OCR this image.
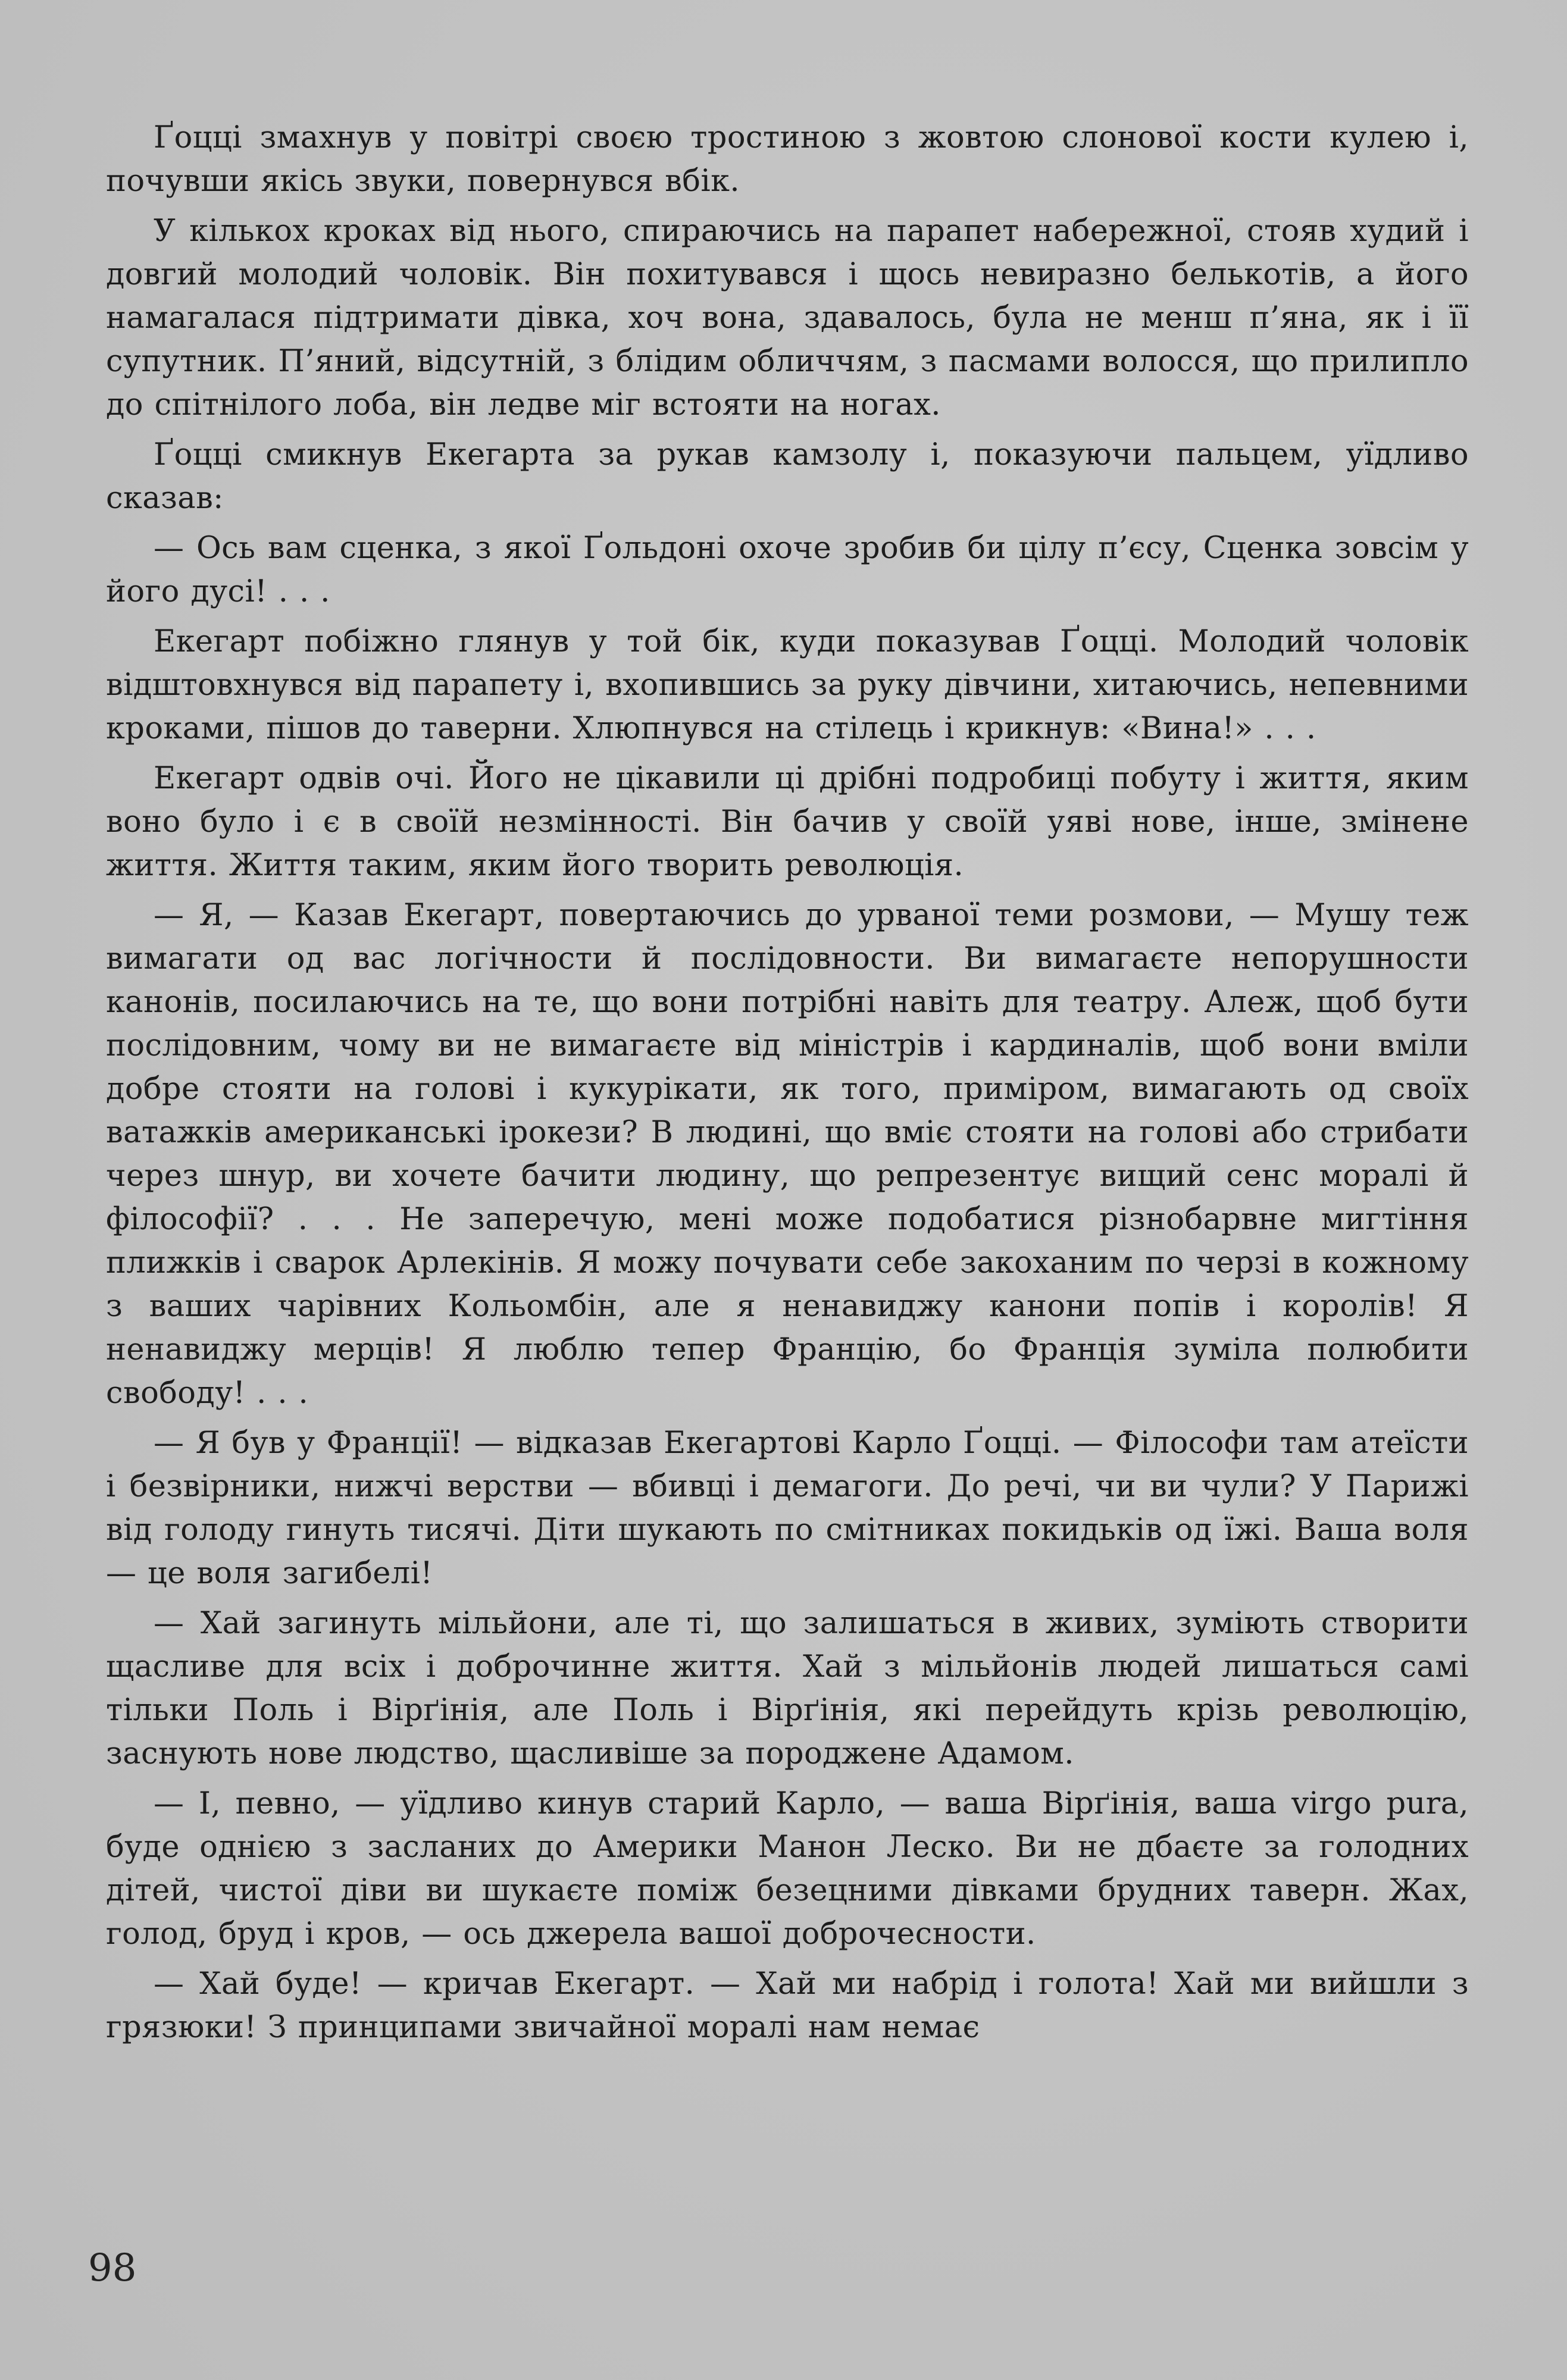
Ґоцці змахнув у повітрі своєю тростиною з жовтою слонової кости кулею і, почувши якісь звуки, повернувся вбік.

У кількох кроках від нього, спираючись на парапет набережної, стояв худий і довгий молодий чоловік. Він похитувався і щось невиразно белькотів, а його намагалася підтримати дівка, хоч вона, здавалось, була не менш п’яна, як і її супутник. П’яний, відсутній, з блідим обличчям, з пасмами волосся, що прилипло до спітнілого лоба, він ледве міг встояти на ногах.

Ґоцці смикнув Екегарта за рукав камзолу і, показуючи пальцем, уїдливо сказав:

— Ось вам сценка, з якої Ґольдоні охоче зробив би цілу п’єсу, Сценка зовсім у його дусі! . . .

Екегарт побіжно глянув у той бік, куди показував Ґоцці. Молодий чоловік відштовхнувся від парапету і, вхопившись за руку дівчини, хитаючись, непевними кроками, пішов до таверни. Хлюпнувся на стілець і крикнув: «Вина!» . . .

Екегарт одвів очі. Його не цікавили ці дрібні подробиці побуту і життя, яким воно було і є в своїй незмінності. Він бачив у своїй уяві нове, інше, змінене життя. Життя таким, яким його творить революція.

— Я, — Казав Екегарт, повертаючись до урваної теми розмови, — Мушу теж вимагати од вас логічности й послідовности. Ви вимагаєте непорушности канонів, посилаючись на те, що вони потрібні навіть для театру. Алеж, щоб бути послідовним, чому ви не вимагаєте від міністрів і кардиналів, щоб вони вміли добре стояти на голові і кукурікати, як того, приміром, вимагають од своїх ватажків американські ірокези? В людині, що вміє стояти на голові або стрибати через шнур, ви хочете бачити людину, що репрезентує вищий сенс моралі й філософії? . . . Не заперечую, мені може подобатися різнобарвне мигтіння плижків і сварок Арлекінів. Я можу почувати себе закоханим по черзі в кожному з ваших чарівних Кольомбін, але я ненавиджу канони попів і королів! Я ненавиджу мерців! Я люблю тепер Францію, бо Франція зуміла полюбити свободу! . . .

— Я був у Франції! — відказав Екегартові Карло Ґоцці. — Філософи там атеїсти і безвірники, нижчі верстви — вбивці і демагоги. До речі, чи ви чули? У Парижі від голоду гинуть тисячі. Діти шукають по смітниках покидьків од їжі. Ваша воля — це воля загибелі!

— Хай загинуть мільйони, але ті, що залишаться в живих, зуміють створити щасливе для всіх і доброчинне життя. Хай з мільйонів людей лишаться самі тільки Поль і Вірґінія, але Поль і Вірґінія, які перейдуть крізь революцію, заснують нове людство, щасливіше за породжене Адамом.

— І, певно, — уїдливо кинув старий Карло, — ваша Вірґінія, ваша virgo pura, буде однією з засланих до Америки Манон Леско. Ви не дбаєте за голодних дітей, чистої діви ви шукаєте поміж безецними дівками брудних таверн. Жах, голод, бруд і кров, — ось джерела вашої доброчесности.

— Хай буде! — кричав Екегарт. — Хай ми набрід і голота! Хай ми вийшли з грязюки! З принципами звичайної моралі нам немає

98
